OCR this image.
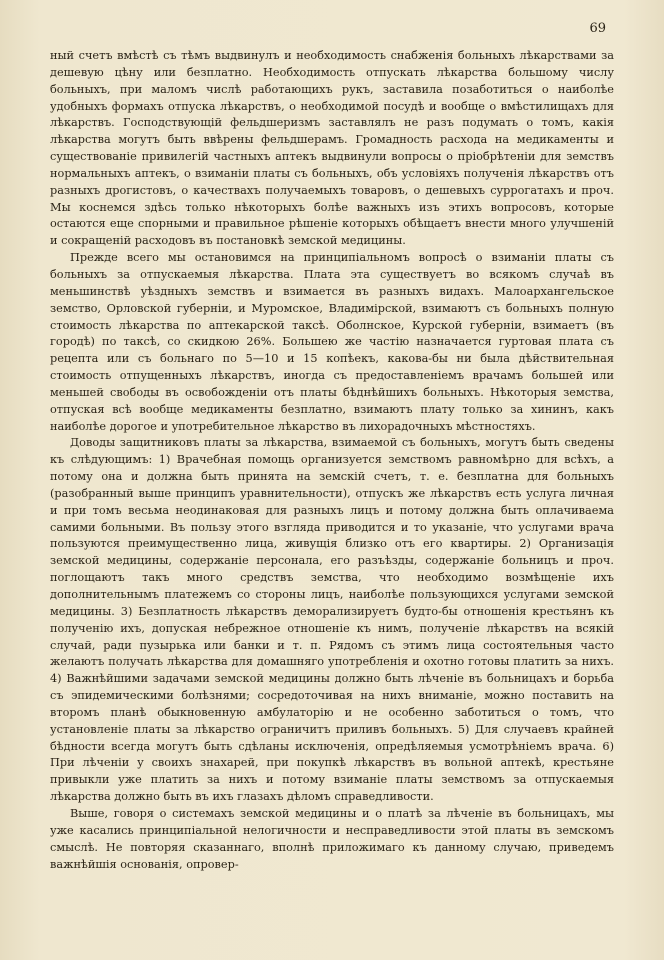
69

ный счетъ вмѣстѣ съ тѣмъ выдвинулъ и необходимость снабженія больныхъ лѣкарствами за дешевую цѣну или безплатно. Необходимость отпускать лѣкарства большому числу больныхъ, при маломъ числѣ работающихъ рукъ, заставила позаботиться о наиболѣе удобныхъ формахъ отпуска лѣкарствъ, о необходимой посудѣ и вообще о вмѣстилищахъ для лѣкарствъ. Господствующій фельдшеризмъ заставлялъ не разъ подумать о томъ, какія лѣкарства могутъ быть ввѣрены фельдшерамъ. Громадность расхода на медикаменты и существованіе привилегій частныхъ аптекъ выдвинули вопросы о пріобрѣтеніи для земствъ нормальныхъ аптекъ, о взиманіи платы съ больныхъ, объ условіяхъ полученія лѣкарствъ отъ разныхъ дрогистовъ, о качествахъ получаемыхъ товаровъ, о дешевыхъ суррогатахъ и проч. Мы коснемся здѣсь только нѣкоторыхъ болѣе важныхъ изъ этихъ вопросовъ, которые остаются еще спорными и правильное рѣшеніе которыхъ обѣщаетъ внести много улучшеній и сокращеній расходовъ въ постановкѣ земской медицины.

Прежде всего мы остановимся на принципіальномъ вопросѣ о взиманіи платы съ больныхъ за отпускаемыя лѣкарства. Плата эта существуетъ во всякомъ случаѣ въ меньшинствѣ уѣздныхъ земствъ и взимается въ разныхъ видахъ. Малоархангельское земство, Орловской губерніи, и Муромское, Владимірской, взимаютъ съ больныхъ полную стоимость лѣкарства по аптекарской таксѣ. Оболнское, Курской губерніи, взимаетъ (въ городѣ) по таксѣ, со скидкою 26%. Большею же частію назначается гуртовая плата съ рецепта или съ больнаго по 5—10 и 15 копѣекъ, какова-бы ни была дѣйствительная стоимость отпущенныхъ лѣкарствъ, иногда съ предоставленіемъ врачамъ большей или меньшей свободы въ освобожденіи отъ платы бѣднѣйшихъ больныхъ. Нѣкоторыя земства, отпуская всѣ вообще медикаменты безплатно, взимаютъ плату только за хининъ, какъ наиболѣе дорогое и употребительное лѣкарство въ лихорадочныхъ мѣстностяхъ.

Доводы защитниковъ платы за лѣкарства, взимаемой съ больныхъ, могутъ быть сведены къ слѣдующимъ: 1) Врачебная помощь организуется земствомъ равномѣрно для всѣхъ, а потому она и должна быть принята на земскій счетъ, т. е. безплатна для больныхъ (разобранный выше принципъ уравнительности), отпускъ же лѣкарствъ есть услуга личная и при томъ весьма неодинаковая для разныхъ лицъ и потому должна быть оплачиваема самими больными. Въ пользу этого взгляда приводится и то указаніе, что услугами врача пользуются преимущественно лица, живущія близко отъ его квартиры. 2) Организація земской медицины, содержаніе персонала, его разъѣзды, содержаніе больницъ и проч. поглощаютъ такъ много средствъ земства, что необходимо возмѣщеніе ихъ дополнительнымъ платежемъ со стороны лицъ, наиболѣе пользующихся услугами земской медицины. 3) Безплатность лѣкарствъ деморализируетъ будто-бы отношенія крестьянъ къ полученію ихъ, допуская небрежное отношеніе къ нимъ, полученіе лѣкарствъ на всякій случай, ради пузырька или банки и т. п. Рядомъ съ этимъ лица состоятельныя часто желаютъ получать лѣкарства для домашняго употребленія и охотно готовы платить за нихъ. 4) Важнѣйшими задачами земской медицины должно быть лѣченіе въ больницахъ и борьба съ эпидемическими болѣзнями; сосредоточивая на нихъ вниманіе, можно поставить на второмъ планѣ обыкновенную амбулаторію и не особенно заботиться о томъ, что установленіе платы за лѣкарство ограничитъ приливъ больныхъ. 5) Для случаевъ крайней бѣдности всегда могутъ быть сдѣланы исключенія, опредѣляемыя усмотрѣніемъ врача. 6) При лѣченіи у своихъ знахарей, при покупкѣ лѣкарствъ въ вольной аптекѣ, крестьяне привыкли уже платить за нихъ и потому взиманіе платы земствомъ за отпускаемыя лѣкарства должно быть въ ихъ глазахъ дѣломъ справедливости.

Выше, говоря о системахъ земской медицины и о платѣ за лѣченіе въ больницахъ, мы уже касались принципіальной нелогичности и несправедливости этой платы въ земскомъ смыслѣ. Не повторяя сказаннаго, вполнѣ приложимаго къ данному случаю, приведемъ важнѣйшія основанія, опровер-
